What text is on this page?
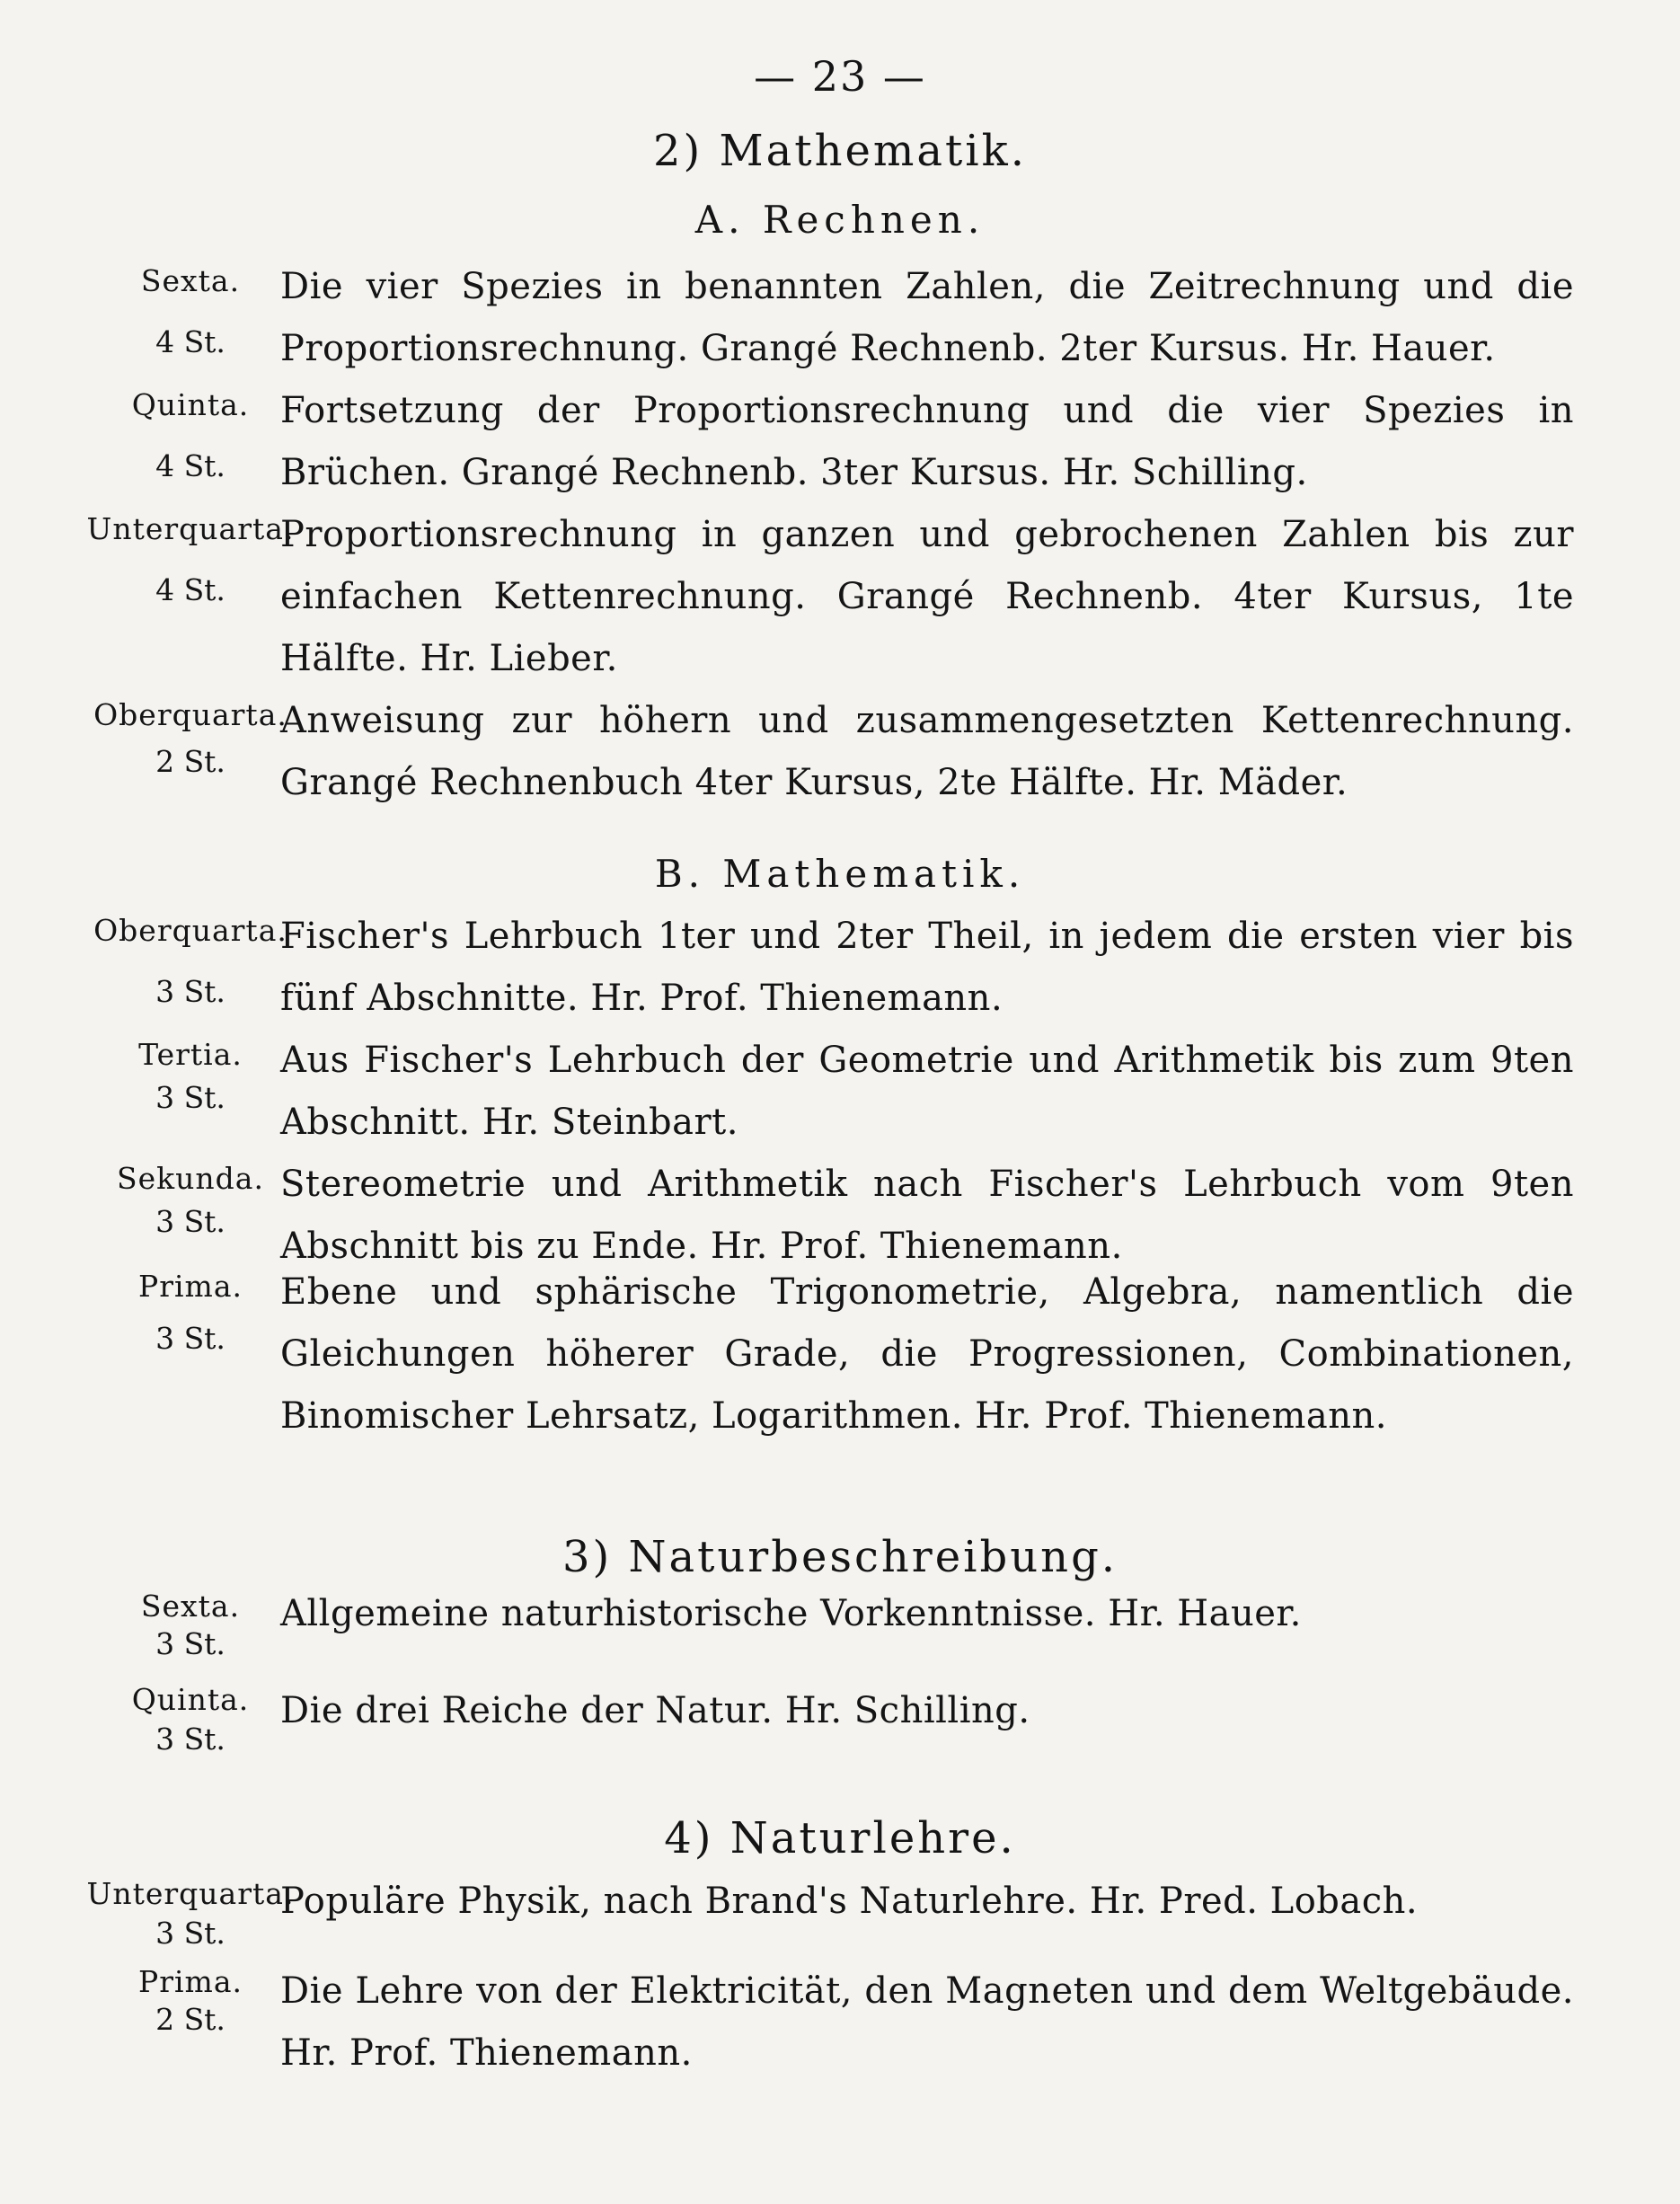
— 23 —
2) Mathematik.
A. Rechnen.
Sexta.
4 St.
Die vier Spezies in benannten Zahlen, die Zeitrechnung und die Proportionsrechnung. Grangé Rechnenb. 2ter Kursus. Hr. Hauer.
Quinta.
4 St.
Fortsetzung der Proportionsrechnung und die vier Spezies in Brüchen. Grangé Rechnenb. 3ter Kursus. Hr. Schilling.
Unterquarta.
4 St.
Proportionsrechnung in ganzen und gebrochenen Zahlen bis zur einfachen Kettenrechnung. Grangé Rechnenb. 4ter Kursus, 1te Hälfte. Hr. Lieber.
Oberquarta.
2 St.
Anweisung zur höhern und zusammengesetzten Kettenrechnung. Grangé Rechnenbuch 4ter Kursus, 2te Hälfte. Hr. Mäder.
B. Mathematik.
Oberquarta.
3 St.
Fischer's Lehrbuch 1ter und 2ter Theil, in jedem die ersten vier bis fünf Abschnitte. Hr. Prof. Thienemann.
Tertia.
3 St.
Aus Fischer's Lehrbuch der Geometrie und Arithmetik bis zum 9ten Abschnitt. Hr. Steinbart.
Sekunda.
3 St.
Stereometrie und Arithmetik nach Fischer's Lehrbuch vom 9ten Abschnitt bis zu Ende. Hr. Prof. Thienemann.
Prima.
3 St.
Ebene und sphärische Trigonometrie, Algebra, namentlich die Gleichungen höherer Grade, die Progressionen, Combinationen, Binomischer Lehrsatz, Logarithmen. Hr. Prof. Thienemann.
3) Naturbeschreibung.
Sexta.
3 St.
Allgemeine naturhistorische Vorkenntnisse. Hr. Hauer.
Quinta.
3 St.
Die drei Reiche der Natur. Hr. Schilling.
4) Naturlehre.
Unterquarta.
3 St.
Populäre Physik, nach Brand's Naturlehre. Hr. Pred. Lobach.
Prima.
2 St.
Die Lehre von der Elektricität, den Magneten und dem Weltgebäude. Hr. Prof. Thienemann.
